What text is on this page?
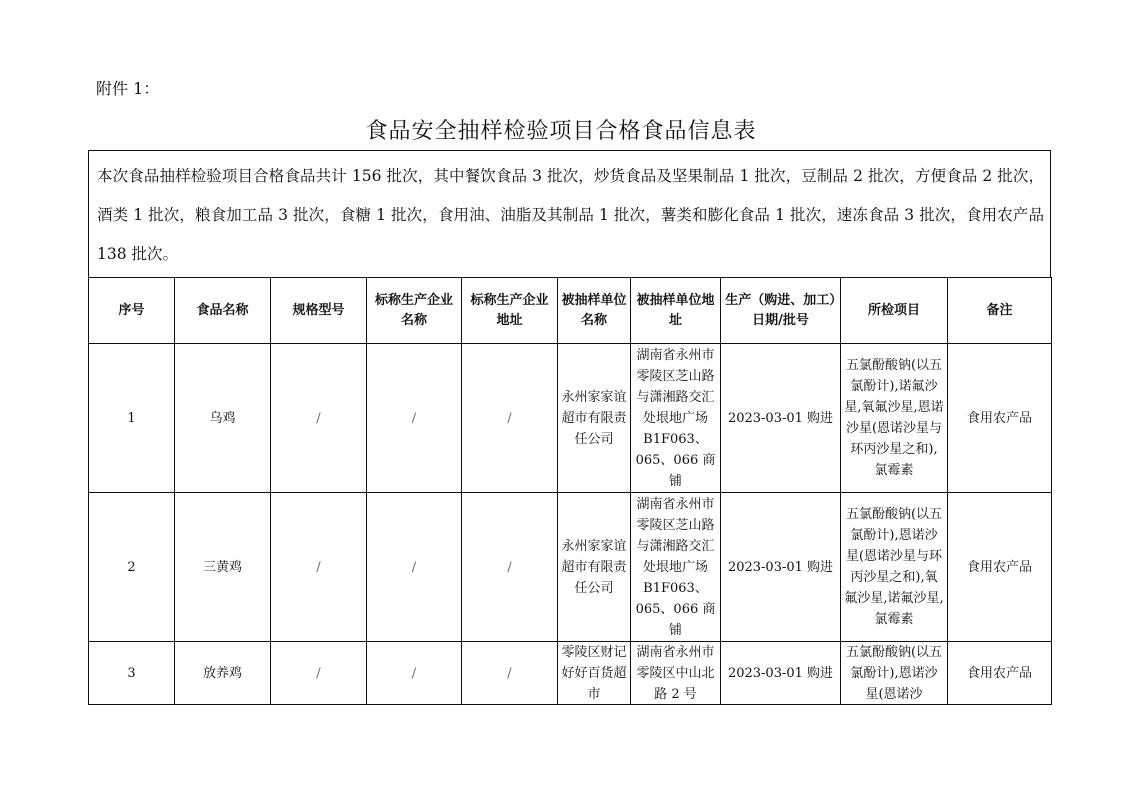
附件 1：
食品安全抽样检验项目合格食品信息表
本次食品抽样检验项目合格食品共计 156 批次，其中餐饮食品 3 批次，炒货食品及坚果制品 1 批次，豆制品 2 批次，方便食品 2 批次，酒类 1 批次，粮食加工品 3 批次，食糖 1 批次，食用油、油脂及其制品 1 批次，薯类和膨化食品 1 批次，速冻食品 3 批次，食用农产品 138 批次。
序号	食品名称	规格型号	标称生产企业名称	标称生产企业地址	被抽样单位名称	被抽样单位地址	生产（购进、加工）日期/批号	所检项目	备注
1	乌鸡	/	/	/	永州家家谊超市有限责任公司	湖南省永州市零陵区芝山路与潇湘路交汇处垠地广场 B1F063、065、066 商铺	2023-03-01 购进	五氯酚酸钠(以五氯酚计),诺氟沙星,氧氟沙星,恩诺沙星(恩诺沙星与环丙沙星之和),氯霉素	食用农产品
2	三黄鸡	/	/	/	永州家家谊超市有限责任公司	湖南省永州市零陵区芝山路与潇湘路交汇处垠地广场 B1F063、065、066 商铺	2023-03-01 购进	五氯酚酸钠(以五氯酚计),恩诺沙星(恩诺沙星与环丙沙星之和),氧氟沙星,诺氟沙星,氯霉素	食用农产品
3	放养鸡	/	/	/	零陵区财记好好百货超市	湖南省永州市零陵区中山北路 2 号	2023-03-01 购进	五氯酚酸钠(以五氯酚计),恩诺沙星(恩诺沙	食用农产品
